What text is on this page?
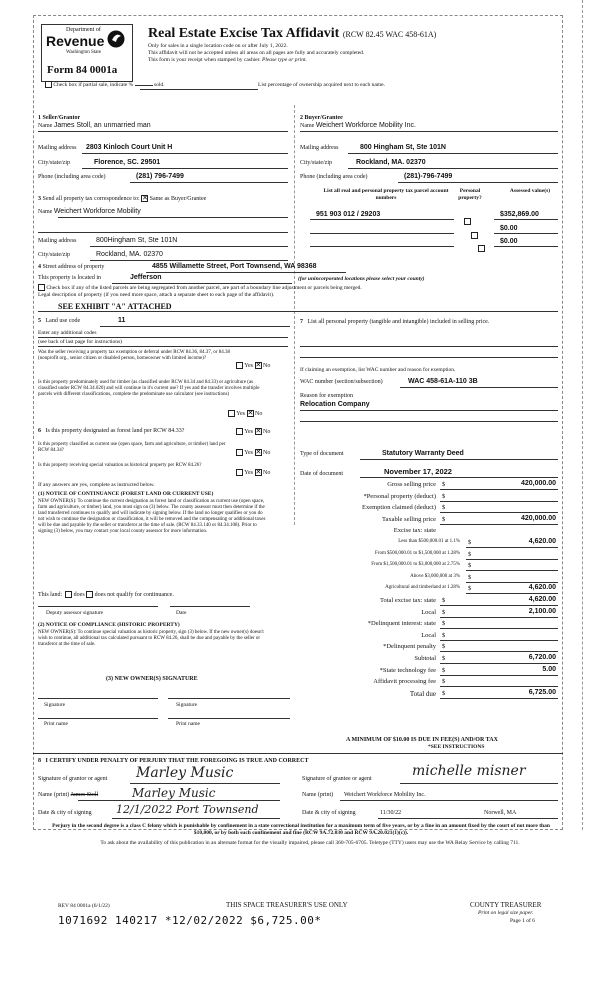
Department of
Revenue
Washington State
Form 84 0001a
Check box if partial sale, indicate %	sold.
Real Estate Excise Tax Affidavit (RCW 82.45 WAC 458-61A)
Only for sales in a single location code on or after July 1, 2022.
This affidavit will not be accepted unless all areas on all pages are fully and accurately completed.
This form is your receipt when stamped by cashier. Please type or print.
List percentage of ownership acquired next to each name.
1 Seller/Grantor
Name James Stoll, an unmarried man
Mailing address 2803 Kinloch Court Unit H
City/state/zip	Florence, SC. 29501
Phone (including area code)	(281) 796-7499
2 Buyer/Grantee
Name Weichert Workforce Mobility Inc.
Mailing address	800 Hingham St, Ste 101N
City/state/zip	Rockland, MA. 02370
Phone (including area code)	(281)-796-7499
3 Send all property tax correspondence to: ✕ Same as Buyer/Grantee
Name Weichert Workforce Mobility
Mailing address	800Hingham St, Ste 101N
City/state/zip	Rockland, MA. 02370
List all real and personal property tax parcel account numbers
Personal property?
Assessed value(s)
951 903 012 / 29203	$352,869.00
$0.00
$0.00
4 Street address of property	4855 Willamette Street, Port Townsend, WA 98368
This property is located in	Jefferson	(for unincorporated locations please select your county)
Check box if any of the listed parcels are being segregated from another parcel, are part of a boundary line adjustment or parcels being merged.
Legal description of property (if you need more space, attach a separate sheet to each page of the affidavit).
SEE EXHIBIT "A" ATTACHED
5 Land use code	11
Enter any additional codes
(see back of last page for instructions)
Was the seller receiving a property tax exemption or deferral under RCW 84.36, 84.37, or 84.38 (nonprofit org., senior citizen or disabled person, homeowner with limited income)?
Yes ✕ No
Is this property predominately used for timber (as classified under RCW 84.34 and 84.33) or agriculture (as classified under RCW 84.34.020) and will continue in it's current use? If yes and the transfer involves multiple parcels with different classifications, complete the predominate use calculator (see instructions)
Yes ✕ No
6 Is this property designated as forest land per RCW 84.33?	Yes ✕ No
Is this property classified as current use (open space, farm and agriculture, or timber) land per RCW 84.34?	Yes ✕ No
Is this property receiving special valuation as historical property per RCW 84.26?
Yes ✕ No
If any answers are yes, complete as instructed below.
(1) NOTICE OF CONTINUANCE (FOREST LAND OR CURRENT USE)
NEW OWNER(S): To continue the current designation as forest land or classification as current use (open space, farm and agriculture, or timber) land, you must sign on (3) below. The county assessor must then determine if the land transferred continues to qualify and will indicate by signing below. If the land no longer qualifies or you do not wish to continue the designation or classification, it will be removed and the compensating or additional taxes will be due and payable by the seller or transferor at the time of sale. (RCW 84.33.140 or 84.34.108). Prior to signing (3) below, you may contact your local county assessor for more information.
This land: does does not qualify for continuance.
Deputy assessor signature	Date
(2) NOTICE OF COMPLIANCE (HISTORIC PROPERTY)
NEW OWNER(S): To continue special valuation as historic property, sign (3) below. If the new owner(s) doesn't wish to continue, all additional tax calculated pursuant to RCW 84.26, shall be due and payable by the seller or transferor at the time of sale.
(3) NEW OWNER(S) SIGNATURE
Signature	Signature
Print name	Print name
7 List all personal property (tangible and intangible) included in selling price.
If claiming an exemption, list WAC number and reason for exemption.
WAC number (section/subsection)	WAC 458-61A-110 3B
Reason for exemption
Relocation Company
Type of document	Statutory Warranty Deed
Date of document	November 17, 2022
Gross selling price $	420,000.00
*Personal property (deduct) $
Exemption claimed (deduct) $
Taxable selling price $	420,000.00
Excise tax: state
Less than $500,000.01 at 1.1% $	4,620.00
From $500,000.01 to $1,500,000 at 1.28% $
From $1,500,000.01 to $3,000,000 at 2.75% $
Above $3,000,000 at 3% $
Agricultural and timberland at 1.28% $	4,620.00
Total excise tax: state $	4,620.00
Local $	2,100.00
*Delinquent interest: state $
Local $
*Delinquent penalty $
Subtotal $	6,720.00
*State technology fee $	5.00
Affidavit processing fee $
Total due $	6,725.00
A MINIMUM OF $10.00 IS DUE IN FEE(S) AND/OR TAX
*SEE INSTRUCTIONS
8 I CERTIFY UNDER PENALTY OF PERJURY THAT THE FOREGOING IS TRUE AND CORRECT
Signature of grantor or agent Marley Music	Signature of grantee or agent	michelle misner
Name (print) James Stoll	Marley Music	Name (print) Weichert Workforce Mobility Inc.
Date & city of signing 12/1/2022 Port Townsend	Date & city of signing	11/30/22	Norwell, MA
Perjury in the second degree is a class C felony which is punishable by confinement in a state correctional institution for a maximum term of five years, or by a fine in an amount fixed by the court of not more than $10,000, or by both such confinement and fine (RCW 9A.72.030 and RCW 9A.20.021(1)(c)).
To ask about the availability of this publication in an alternate format for the visually impaired, please call 360-705-6705. Teletype (TTY) users may use the WA Relay Service by calling 711.
REV 84 0001a (6/1/22)	THIS SPACE TREASURER'S USE ONLY	COUNTY TREASURER
Print on legal size paper.
Page 1 of 6
1071692 140217 *12/02/2022 $6,725.00*
